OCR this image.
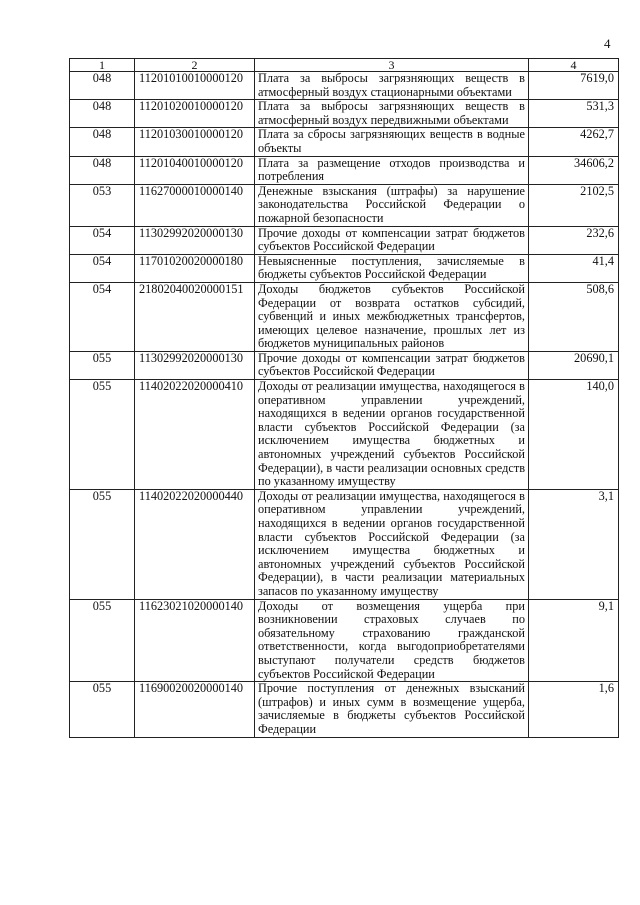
4
1	2	3	4
048	11201010010000120	Плата за выбросы загрязняющих веществ в атмосферный воздух стационарными объектами	7619,0
048	11201020010000120	Плата за выбросы загрязняющих веществ в атмосферный воздух передвижными объектами	531,3
048	11201030010000120	Плата за сбросы загрязняющих веществ в водные объекты	4262,7
048	11201040010000120	Плата за размещение отходов производства и потребления	34606,2
053	11627000010000140	Денежные взыскания (штрафы) за нарушение законодательства Российской Федерации о пожарной безопасности	2102,5
054	11302992020000130	Прочие доходы от компенсации затрат бюджетов субъектов Российской Федерации	232,6
054	11701020020000180	Невыясненные поступления, зачисляемые в бюджеты субъектов Российской Федерации	41,4
054	21802040020000151	Доходы бюджетов субъектов Российской Федерации от возврата остатков субсидий, субвенций и иных межбюджетных трансфертов, имеющих целевое назначение, прошлых лет из бюджетов муниципальных районов	508,6
055	11302992020000130	Прочие доходы от компенсации затрат бюджетов субъектов Российской Федерации	20690,1
055	11402022020000410	Доходы от реализации имущества, находящегося в оперативном управлении учреждений, находящихся в ведении органов государственной власти субъектов Российской Федерации (за исключением имущества бюджетных и автономных учреждений субъектов Российской Федерации), в части реализации основных средств по указанному имуществу	140,0
055	11402022020000440	Доходы от реализации имущества, находящегося в оперативном управлении учреждений, находящихся в ведении органов государственной власти субъектов Российской Федерации (за исключением имущества бюджетных и автономных учреждений субъектов Российской Федерации), в части реализации материальных запасов по указанному имуществу	3,1
055	11623021020000140	Доходы от возмещения ущерба при возникновении страховых случаев по обязательному страхованию гражданской ответственности, когда выгодоприобретателями выступают получатели средств бюджетов субъектов Российской Федерации	9,1
055	11690020020000140	Прочие поступления от денежных взысканий (штрафов) и иных сумм в возмещение ущерба, зачисляемые в бюджеты субъектов Российской Федерации	1,6
